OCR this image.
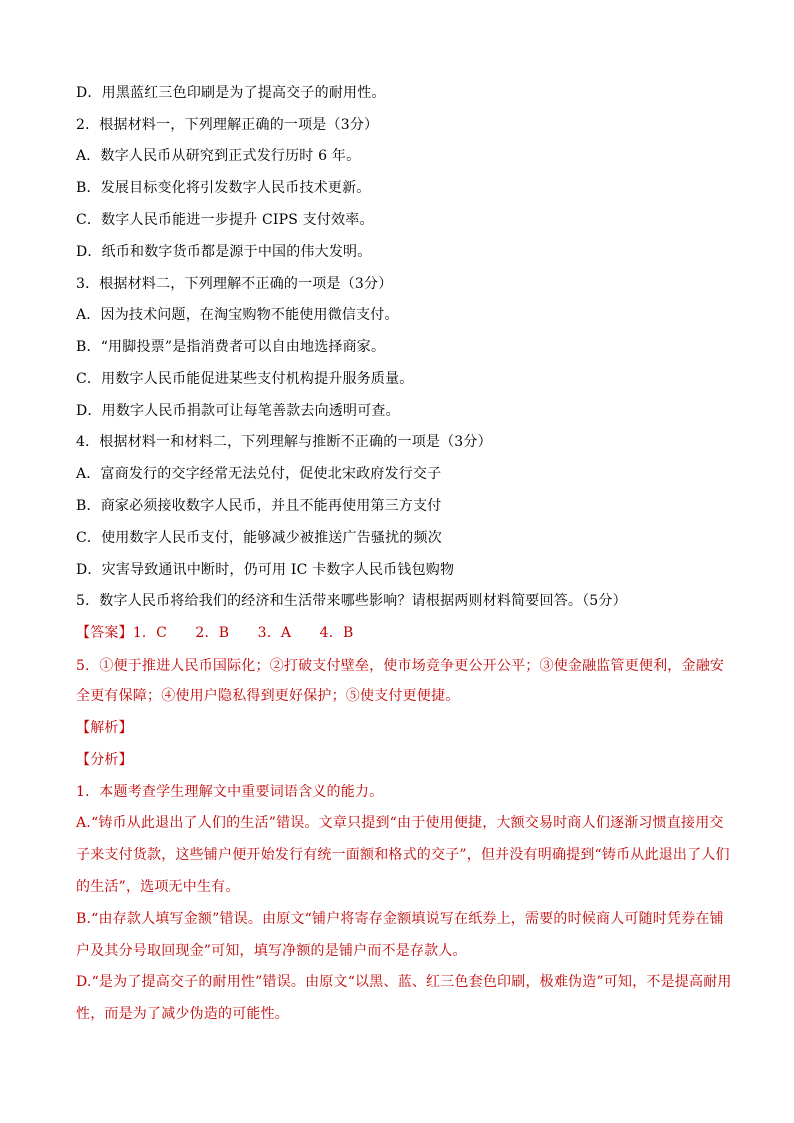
D．用黑蓝红三色印刷是为了提高交子的耐用性。
2．根据材料一，下列理解正确的一项是（3分）
A．数字人民币从研究到正式发行历时 6 年。
B．发展目标变化将引发数字人民币技术更新。
C．数字人民币能进一步提升 CIPS 支付效率。
D．纸币和数字货币都是源于中国的伟大发明。
3．根据材料二，下列理解不正确的一项是（3分）
A．因为技术问题，在淘宝购物不能使用微信支付。
B．“用脚投票”是指消费者可以自由地选择商家。
C．用数字人民币能促进某些支付机构提升服务质量。
D．用数字人民币捐款可让每笔善款去向透明可查。
4．根据材料一和材料二，下列理解与推断不正确的一项是（3分）
A．富商发行的交字经常无法兑付，促使北宋政府发行交子
B．商家必须接收数字人民币，并且不能再使用第三方支付
C．使用数字人民币支付，能够减少被推送广告骚扰的频次
D．灾害导致通讯中断时，仍可用 IC 卡数字人民币钱包购物
5．数字人民币将给我们的经济和生活带来哪些影响？请根据两则材料简要回答。（5分）
【答案】1．C　　2．B　　3．A　　4．B
5．①便于推进人民币国际化；②打破支付壁垒，使市场竞争更公开公平；③使金融监管更便利，金融安
全更有保障；④使用户隐私得到更好保护；⑤使支付更便捷。
【解析】
【分析】
1．本题考查学生理解文中重要词语含义的能力。
A.“铸币从此退出了人们的生活”错误。文章只提到“由于使用便捷，大额交易时商人们逐渐习惯直接用交
子来支付货款，这些铺户便开始发行有统一面额和格式的交子”，但并没有明确提到“铸币从此退出了人们
的生活”，选项无中生有。
B.“由存款人填写金额”错误。由原文“铺户将寄存金额填说写在纸券上，需要的时候商人可随时凭券在铺
户及其分号取回现金”可知，填写净额的是铺户而不是存款人。
D.“是为了提高交子的耐用性”错误。由原文“以黑、蓝、红三色套色印刷，极难伪造”可知，不是提高耐用
性，而是为了减少伪造的可能性。
